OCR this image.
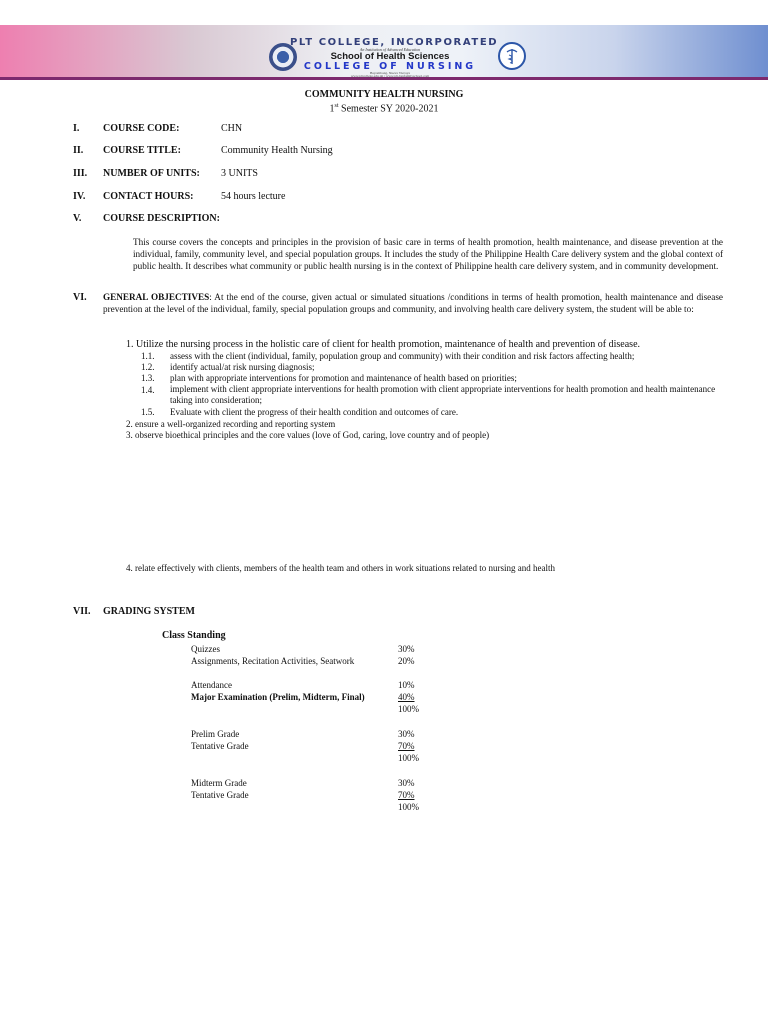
PLT COLLEGE, INCORPORATED
An Institution of Advanced Education
School of Health Sciences
COLLEGE OF NURSING
Bayombong, Nueva Vizcaya
www.pltcollege.edu.ph / www.plt-bsnfamilyschool.com
COMMUNITY HEALTH NURSING
1st Semester SY 2020-2021
I. COURSE CODE:	CHN
II. COURSE TITLE:	Community Health Nursing
III. NUMBER OF UNITS: 3 UNITS
IV. CONTACT HOURS:	54 hours lecture
V. COURSE DESCRIPTION:
This course covers the concepts and principles in the provision of basic care in terms of health promotion, health maintenance, and disease prevention at the individual, family, community level, and special population groups. It includes the study of the Philippine Health Care delivery system and the global context of public health. It describes what community or public health nursing is in the context of Philippine health care delivery system, and in community development.
VI. GENERAL OBJECTIVES: At the end of the course, given actual or simulated situations /conditions in terms of health promotion, health maintenance and disease prevention at the level of the individual, family, special population groups and community, and involving health care delivery system, the student will be able to:
1. Utilize the nursing process in the holistic care of client for health promotion, maintenance of health and prevention of disease.
1.1. assess with the client (individual, family, population group and community) with their condition and risk factors affecting health;
1.2. identify actual/at risk nursing diagnosis;
1.3. plan with appropriate interventions for promotion and maintenance of health based on priorities;
1.4. implement with client appropriate interventions for health promotion with client appropriate interventions for health promotion and health maintenance taking into consideration;
1.5. Evaluate with client the progress of their health condition and outcomes of care.
2. ensure a well-organized recording and reporting system
3. observe bioethical principles and the core values (love of God, caring, love country and of people)
4. relate effectively with clients, members of the health team and others in work situations related to nursing and health
VII. GRADING SYSTEM
Class Standing
Quizzes	30%
Assignments, Recitation Activities, Seatwork	20%
Attendance	10%
Major Examination (Prelim, Midterm, Final)	40%
100%
Prelim Grade	30%
Tentative Grade	70%
100%
Midterm Grade	30%
Tentative Grade	70%
100%
